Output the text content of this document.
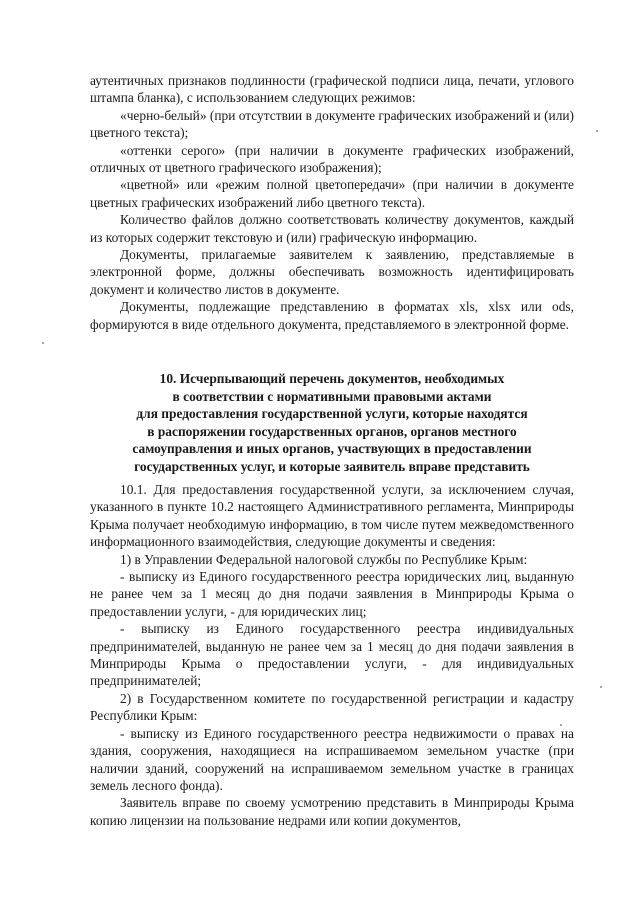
аутентичных признаков подлинности (графической подписи лица, печати, углового штампа бланка), с использованием следующих режимов:

«черно-белый» (при отсутствии в документе графических изображений и (или) цветного текста);

«оттенки серого» (при наличии в документе графических изображений, отличных от цветного графического изображения);

«цветной» или «режим полной цветопередачи» (при наличии в документе цветных графических изображений либо цветного текста).

Количество файлов должно соответствовать количеству документов, каждый из которых содержит текстовую и (или) графическую информацию.

Документы, прилагаемые заявителем к заявлению, представляемые в электронной форме, должны обеспечивать возможность идентифицировать документ и количество листов в документе.

Документы, подлежащие представлению в форматах xls, xlsx или ods, формируются в виде отдельного документа, представляемого в электронной форме.

10. Исчерпывающий перечень документов, необходимых
в соответствии с нормативными правовыми актами
для предоставления государственной услуги, которые находятся
в распоряжении государственных органов, органов местного
самоуправления и иных органов, участвующих в предоставлении
государственных услуг, и которые заявитель вправе представить

10.1. Для предоставления государственной услуги, за исключением случая, указанного в пункте 10.2 настоящего Административного регламента, Минприроды Крыма получает необходимую информацию, в том числе путем межведомственного информационного взаимодействия, следующие документы и сведения:

1) в Управлении Федеральной налоговой службы по Республике Крым:

- выписку из Единого государственного реестра юридических лиц, выданную не ранее чем за 1 месяц до дня подачи заявления в Минприроды Крыма о предоставлении услуги, - для юридических лиц;

- выписку из Единого государственного реестра индивидуальных предпринимателей, выданную не ранее чем за 1 месяц до дня подачи заявления в Минприроды Крыма о предоставлении услуги, - для индивидуальных предпринимателей;

2) в Государственном комитете по государственной регистрации и кадастру Республики Крым:

- выписку из Единого государственного реестра недвижимости о правах на здания, сооружения, находящиеся на испрашиваемом земельном участке (при наличии зданий, сооружений на испрашиваемом земельном участке в границах земель лесного фонда).

Заявитель вправе по своему усмотрению представить в Минприроды Крыма копию лицензии на пользование недрами или копии документов,
